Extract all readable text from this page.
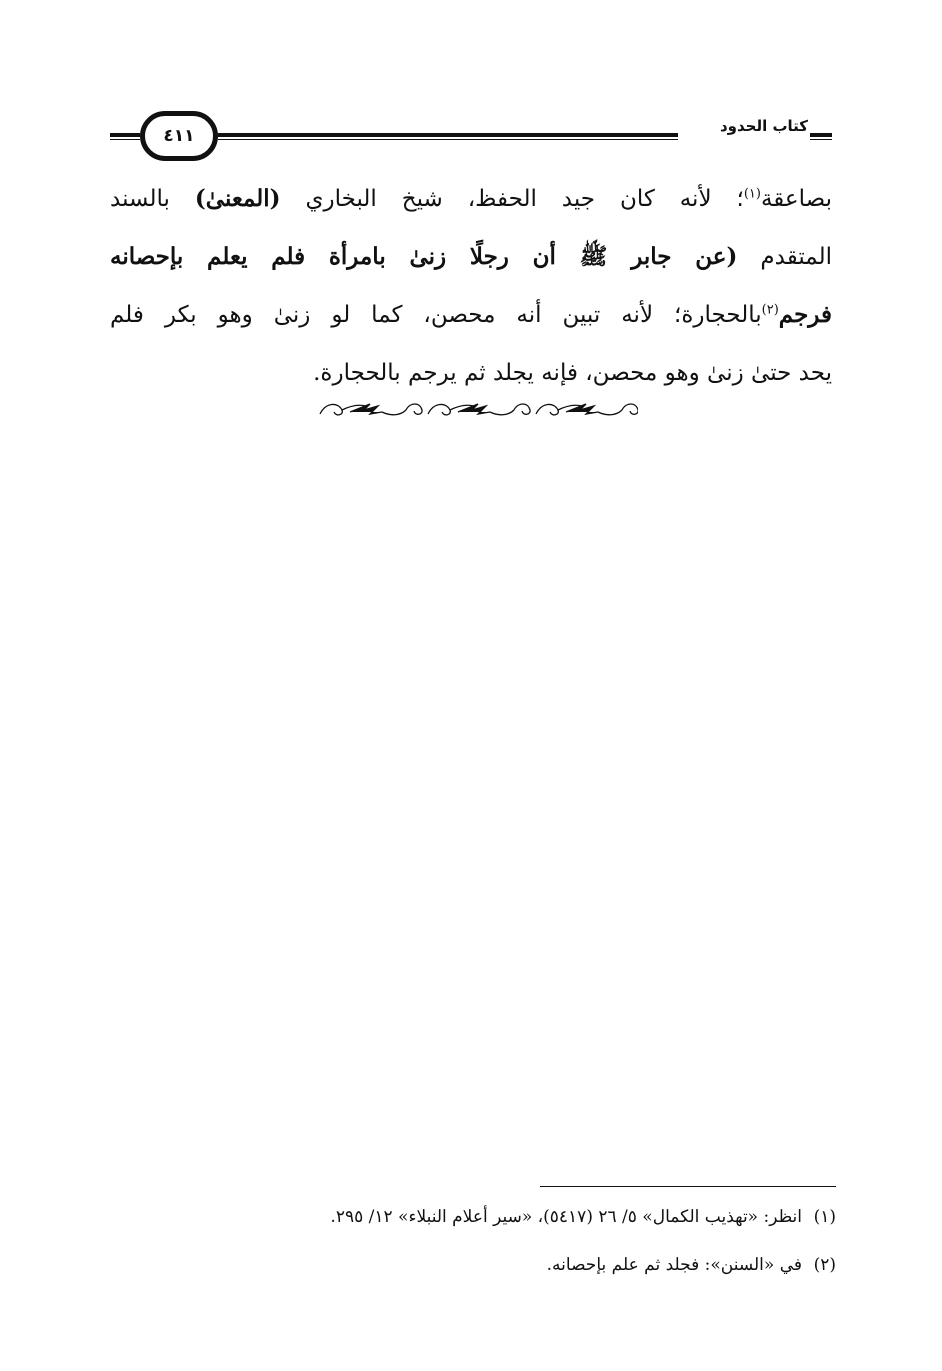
كتاب الحدود
٤١١
بصاعقة$^{(١)}$؛ لأنه كان جيد الحفظ، شيخ البخاري (المعنىٰ) بالسند
المتقدم (عن جابر ﷺ أن رجلًا زنىٰ بامرأة فلم يعلم بإحصانه
فرجم$^{(٢)}$بالحجارة؛ لأنه تبين أنه محصن، كما لو زنىٰ وهو بكر فلم
يحد حتىٰ زنىٰ وهو محصن، فإنه يجلد ثم يرجم بالحجارة.
(١)انظر: «تهذيب الكمال» ٥/ ٢٦ (٥٤١٧)، «سير أعلام النبلاء» ١٢/ ٢٩٥.
(٢)في «السنن»: فجلد ثم علم بإحصانه.
